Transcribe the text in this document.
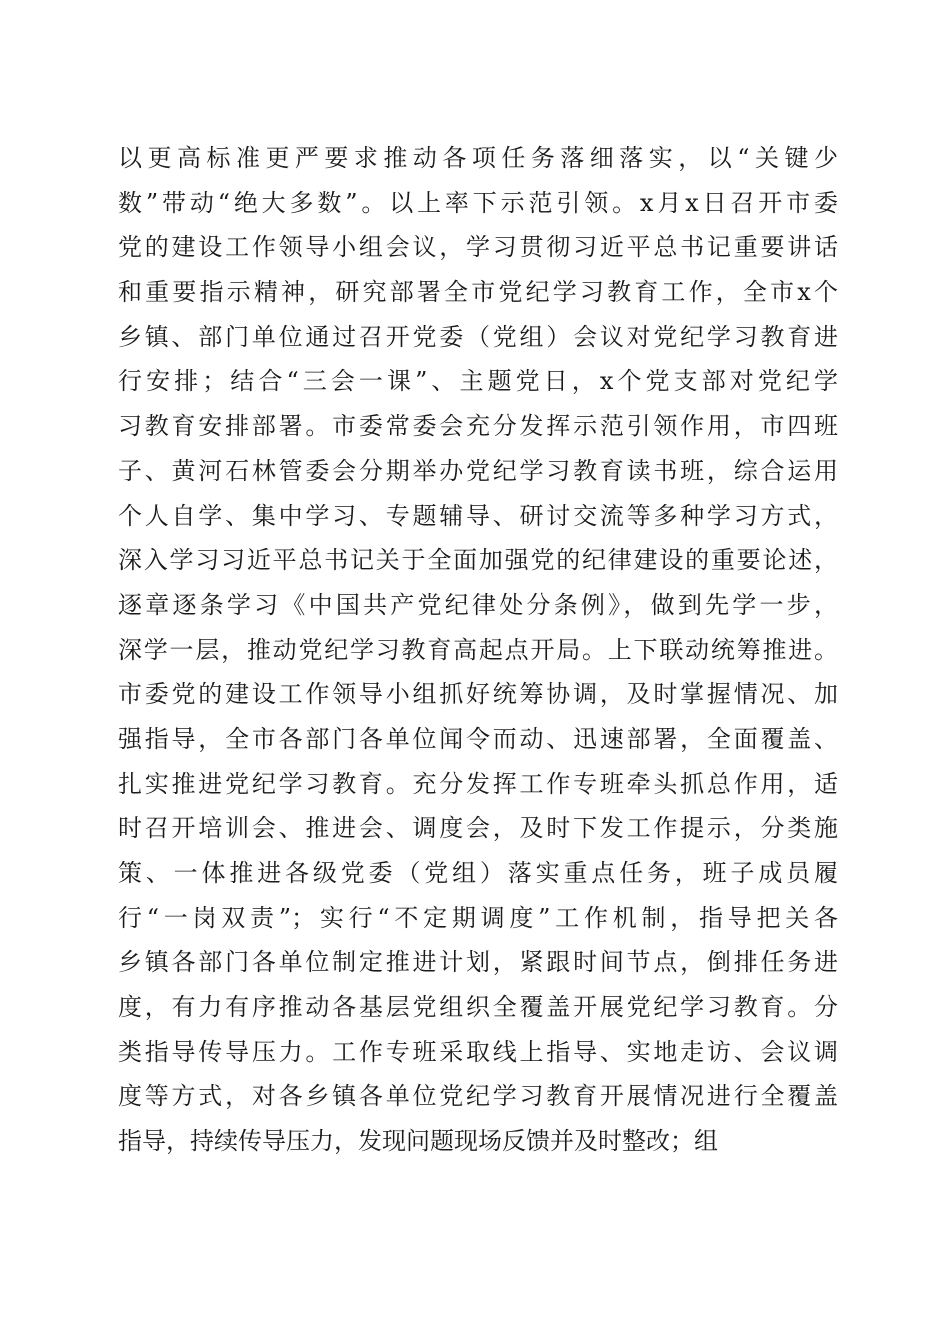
以更高标准更严要求推动各项任务落细落实，以“关键少
数”带动“绝大多数”。以上率下示范引领。x月x日召开市委
党的建设工作领导小组会议，学习贯彻习近平总书记重要讲话
和重要指示精神，研究部署全市党纪学习教育工作，全市x个
乡镇、部门单位通过召开党委（党组）会议对党纪学习教育进
行安排；结合“三会一课”、主题党日，x个党支部对党纪学
习教育安排部署。市委常委会充分发挥示范引领作用，市四班
子、黄河石林管委会分期举办党纪学习教育读书班，综合运用
个人自学、集中学习、专题辅导、研讨交流等多种学习方式，
深入学习习近平总书记关于全面加强党的纪律建设的重要论述，
逐章逐条学习《中国共产党纪律处分条例》，做到先学一步，
深学一层，推动党纪学习教育高起点开局。上下联动统筹推进。
市委党的建设工作领导小组抓好统筹协调，及时掌握情况、加
强指导，全市各部门各单位闻令而动、迅速部署，全面覆盖、
扎实推进党纪学习教育。充分发挥工作专班牵头抓总作用，适
时召开培训会、推进会、调度会，及时下发工作提示，分类施
策、一体推进各级党委（党组）落实重点任务，班子成员履
行“一岗双责”；实行“不定期调度”工作机制，指导把关各
乡镇各部门各单位制定推进计划，紧跟时间节点，倒排任务进
度，有力有序推动各基层党组织全覆盖开展党纪学习教育。分
类指导传导压力。工作专班采取线上指导、实地走访、会议调
度等方式，对各乡镇各单位党纪学习教育开展情况进行全覆盖
指导，持续传导压力，发现问题现场反馈并及时整改；组
